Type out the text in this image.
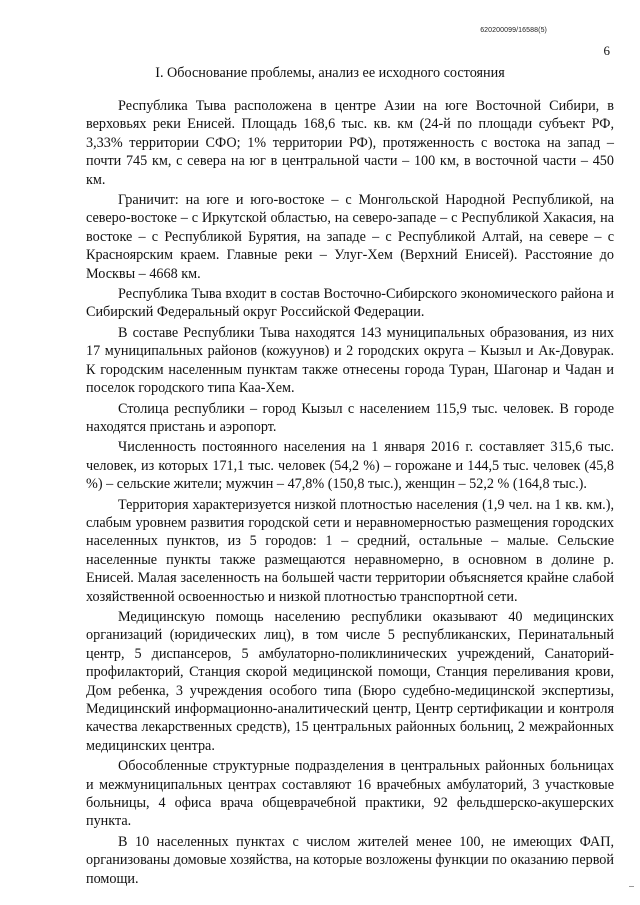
620200099/16588(5)
6
I. Обоснование проблемы, анализ ее исходного состояния

Республика Тыва расположена в центре Азии на юге Восточной Сибири, в верховьях реки Енисей. Площадь 168,6 тыс. кв. км (24-й по площади субъект РФ, 3,33% территории СФО; 1% территории РФ), протяженность с востока на запад – почти 745 км, с севера на юг в центральной части – 100 км, в восточной части – 450 км.

Граничит: на юге и юго-востоке – с Монгольской Народной Республикой, на северо-востоке – с Иркутской областью, на северо-западе – с Республикой Хакасия, на востоке – с Республикой Бурятия, на западе – с Республикой Алтай, на севере – с Красноярским краем. Главные реки – Улуг-Хем (Верхний Енисей). Расстояние до Москвы – 4668 км.

Республика Тыва входит в состав Восточно-Сибирского экономического района и Сибирский Федеральный округ Российской Федерации.

В составе Республики Тыва находятся 143 муниципальных образования, из них 17 муниципальных районов (кожуунов) и 2 городских округа – Кызыл и Ак-Довурак. К городским населенным пунктам также отнесены города Туран, Шагонар и Чадан и поселок городского типа Каа-Хем.

Столица республики – город Кызыл с населением 115,9 тыс. человек. В городе находятся пристань и аэропорт.

Численность постоянного населения на 1 января 2016 г. составляет 315,6 тыс. человек, из которых 171,1 тыс. человек (54,2 %) – горожане и 144,5 тыс. человек (45,8 %) – сельские жители; мужчин – 47,8% (150,8 тыс.), женщин – 52,2 % (164,8 тыс.).

Территория характеризуется низкой плотностью населения (1,9 чел. на 1 кв. км.), слабым уровнем развития городской сети и неравномерностью размещения городских населенных пунктов, из 5 городов: 1 – средний, остальные – малые. Сельские населенные пункты также размещаются неравномерно, в основном в долине р. Енисей. Малая заселенность на большей части территории объясняется крайне слабой хозяйственной освоенностью и низкой плотностью транспортной сети.

Медицинскую помощь населению республики оказывают 40 медицинских организаций (юридических лиц), в том числе 5 республиканских, Перинатальный центр, 5 диспансеров, 5 амбулаторно-поликлинических учреждений, Санаторий-профилакторий, Станция скорой медицинской помощи, Станция переливания крови, Дом ребенка, 3 учреждения особого типа (Бюро судебно-медицинской экспертизы, Медицинский информационно-аналитический центр, Центр сертификации и контроля качества лекарственных средств), 15 центральных районных больниц, 2 межрайонных медицинских центра.

Обособленные структурные подразделения в центральных районных больницах и межмуниципальных центрах составляют 16 врачебных амбулаторий, 3 участковые больницы, 4 офиса врача общеврачебной практики, 92 фельдшерско-акушерских пункта.

В 10 населенных пунктах с числом жителей менее 100, не имеющих ФАП, организованы домовые хозяйства, на которые возложены функции по оказанию первой помощи.
